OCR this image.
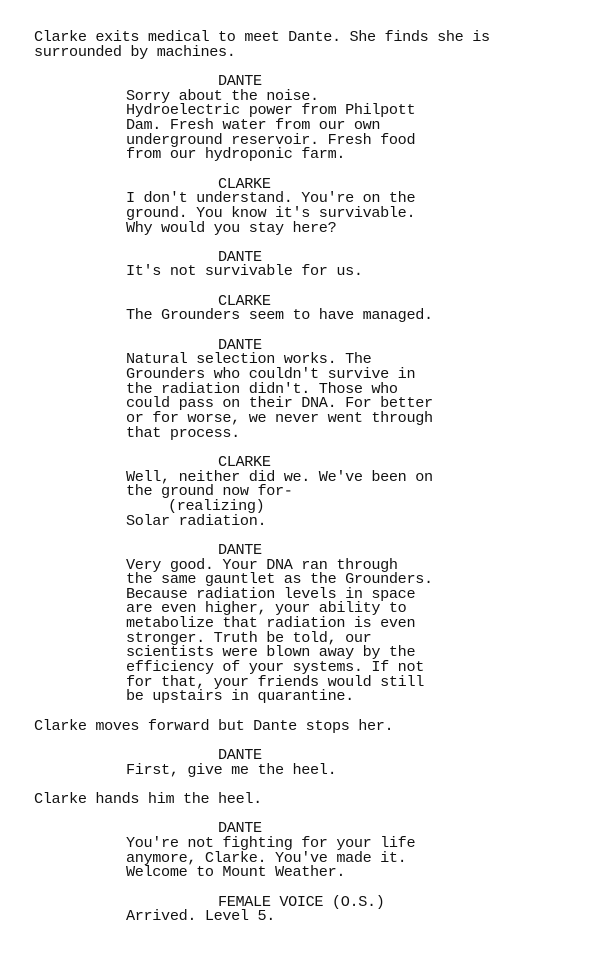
Clarke exits medical to meet Dante. She finds she is
surrounded by machines.
DANTE
Sorry about the noise.
Hydroelectric power from Philpott
Dam. Fresh water from our own
underground reservoir. Fresh food
from our hydroponic farm.
CLARKE
I don't understand. You're on the
ground. You know it's survivable.
Why would you stay here?
DANTE
It's not survivable for us.
CLARKE
The Grounders seem to have managed.
DANTE
Natural selection works. The
Grounders who couldn't survive in
the radiation didn't. Those who
could pass on their DNA. For better
or for worse, we never went through
that process.
CLARKE
Well, neither did we. We've been on
the ground now for-
(realizing)
Solar radiation.
DANTE
Very good. Your DNA ran through
the same gauntlet as the Grounders.
Because radiation levels in space
are even higher, your ability to
metabolize that radiation is even
stronger. Truth be told, our
scientists were blown away by the
efficiency of your systems. If not
for that, your friends would still
be upstairs in quarantine.
Clarke moves forward but Dante stops her.
DANTE
First, give me the heel.
Clarke hands him the heel.
DANTE
You're not fighting for your life
anymore, Clarke. You've made it.
Welcome to Mount Weather.
FEMALE VOICE (O.S.)
Arrived. Level 5.
